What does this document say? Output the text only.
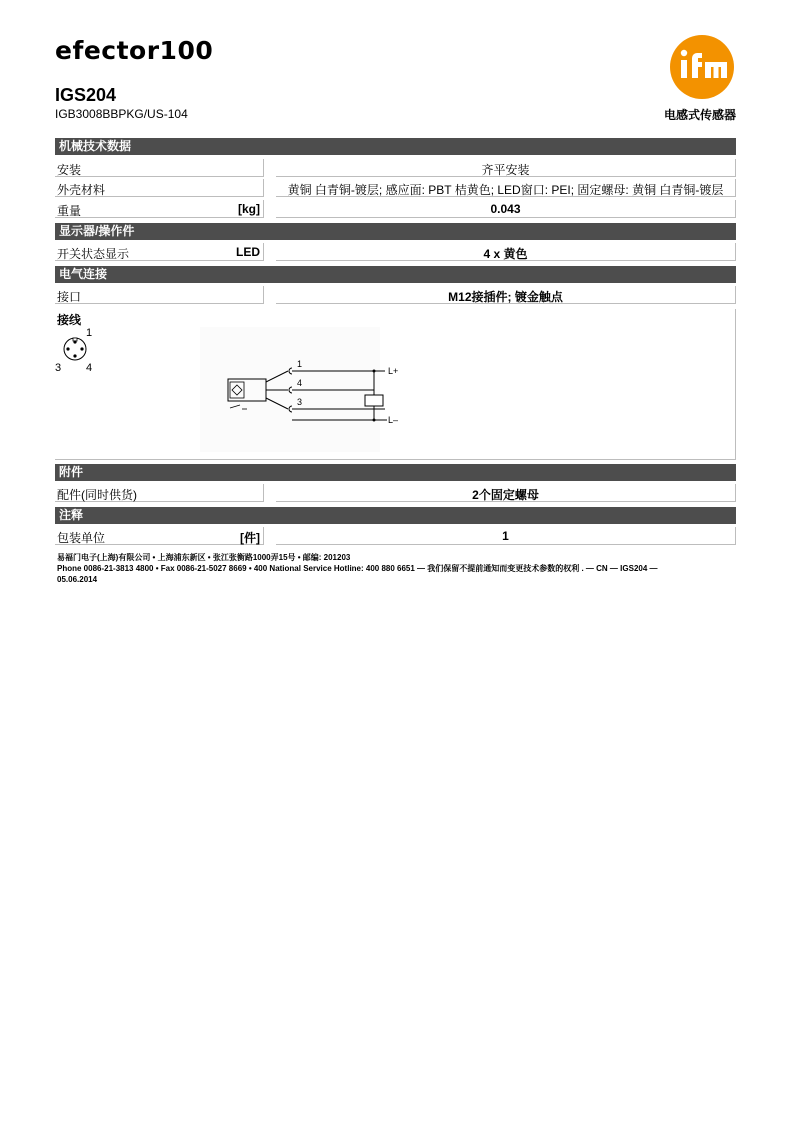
efector100
IGS204
IGB3008BBPKG/US-104	电感式传感器
机械技术数据
安装	齐平安装
外壳材料	黄铜 白青铜-镀层; 感应面: PBT 桔黄色; LED窗口: PEI; 固定螺母: 黄铜 白青铜-镀层
重量	[kg]	0.043
显示器/操作件
开关状态显示	LED	4 x 黄色
电气连接
接口	M12接插件; 镀金触点
接线
1
3 4	1
4
3
L+
L–
附件
配件(同时供货)	2个固定螺母
注释
包装单位	[件]	1
易福门电子(上海)有限公司 • 上海浦东新区 • 张江张衡路1000弄15号 • 邮编: 201203
Phone 0086-21-3813 4800 • Fax 0086-21-5027 8669 • 400 National Service Hotline: 400 880 6651 — 我们保留不提前通知而变更技术参数的权利 . — CN — IGS204 —
05.06.2014
